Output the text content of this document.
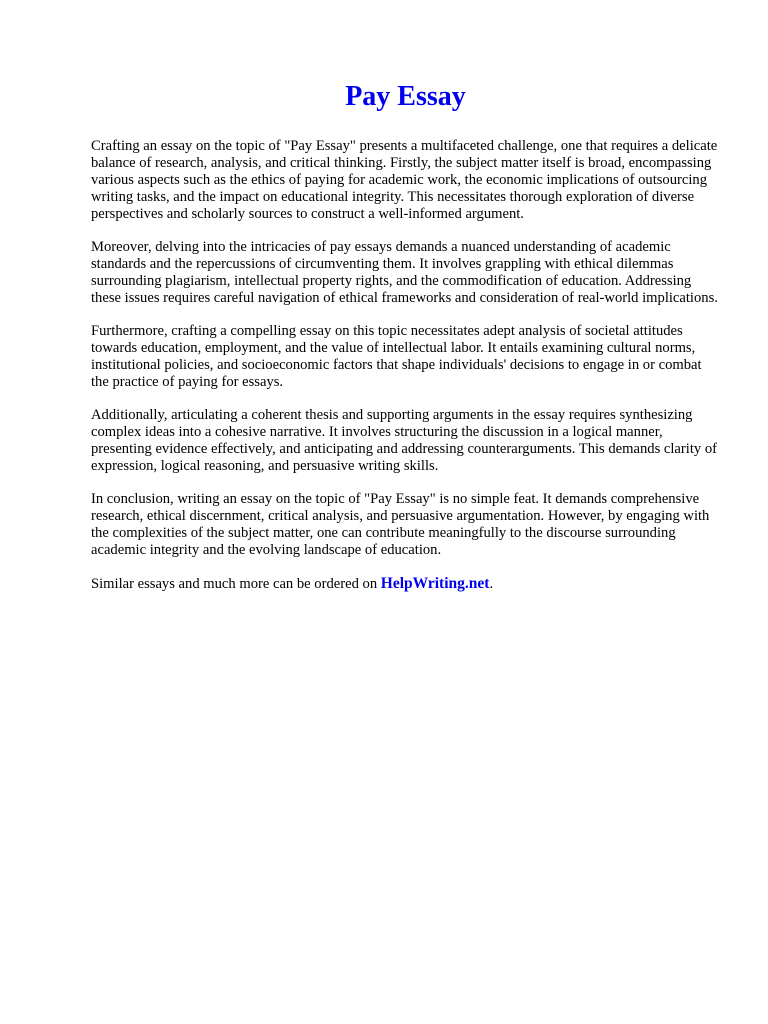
Pay Essay

Crafting an essay on the topic of "Pay Essay" presents a multifaceted challenge, one that requires a delicate balance of research, analysis, and critical thinking. Firstly, the subject matter itself is broad, encompassing various aspects such as the ethics of paying for academic work, the economic implications of outsourcing writing tasks, and the impact on educational integrity. This necessitates thorough exploration of diverse perspectives and scholarly sources to construct a well-informed argument.

Moreover, delving into the intricacies of pay essays demands a nuanced understanding of academic standards and the repercussions of circumventing them. It involves grappling with ethical dilemmas surrounding plagiarism, intellectual property rights, and the commodification of education. Addressing these issues requires careful navigation of ethical frameworks and consideration of real-world implications.

Furthermore, crafting a compelling essay on this topic necessitates adept analysis of societal attitudes towards education, employment, and the value of intellectual labor. It entails examining cultural norms, institutional policies, and socioeconomic factors that shape individuals' decisions to engage in or combat the practice of paying for essays.

Additionally, articulating a coherent thesis and supporting arguments in the essay requires synthesizing complex ideas into a cohesive narrative. It involves structuring the discussion in a logical manner, presenting evidence effectively, and anticipating and addressing counterarguments. This demands clarity of expression, logical reasoning, and persuasive writing skills.

In conclusion, writing an essay on the topic of "Pay Essay" is no simple feat. It demands comprehensive research, ethical discernment, critical analysis, and persuasive argumentation. However, by engaging with the complexities of the subject matter, one can contribute meaningfully to the discourse surrounding academic integrity and the evolving landscape of education.

Similar essays and much more can be ordered on HelpWriting.net.
